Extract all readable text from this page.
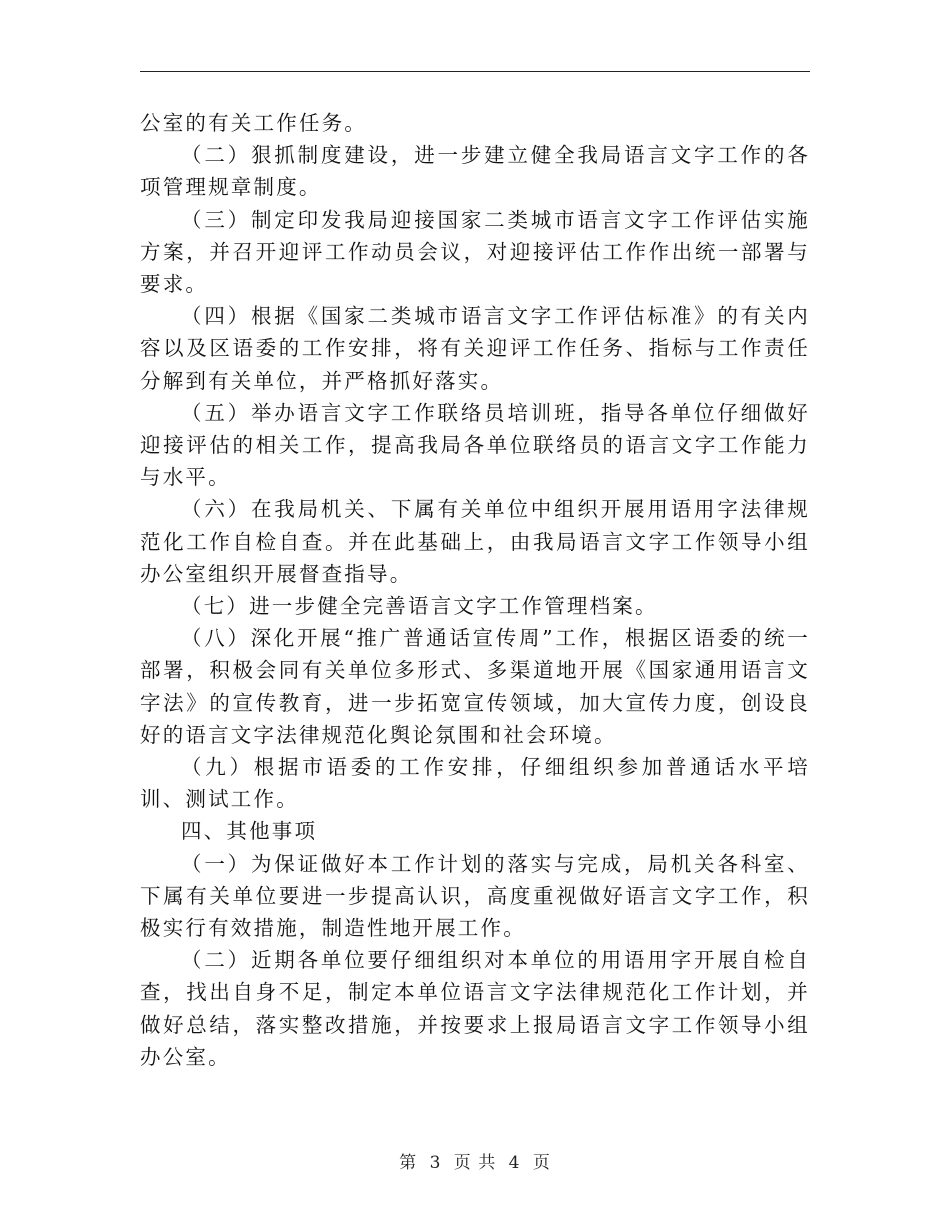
公室的有关工作任务。

（二）狠抓制度建设，进一步建立健全我局语言文字工作的各项管理规章制度。

（三）制定印发我局迎接国家二类城市语言文字工作评估实施方案，并召开迎评工作动员会议，对迎接评估工作作出统一部署与要求。

（四）根据《国家二类城市语言文字工作评估标准》的有关内容以及区语委的工作安排，将有关迎评工作任务、指标与工作责任分解到有关单位，并严格抓好落实。

（五）举办语言文字工作联络员培训班，指导各单位仔细做好迎接评估的相关工作，提高我局各单位联络员的语言文字工作能力与水平。

（六）在我局机关、下属有关单位中组织开展用语用字法律规范化工作自检自查。并在此基础上，由我局语言文字工作领导小组办公室组织开展督查指导。

（七）进一步健全完善语言文字工作管理档案。

（八）深化开展“推广普通话宣传周”工作，根据区语委的统一部署，积极会同有关单位多形式、多渠道地开展《国家通用语言文字法》的宣传教育，进一步拓宽宣传领域，加大宣传力度，创设良好的语言文字法律规范化舆论氛围和社会环境。

（九）根据市语委的工作安排，仔细组织参加普通话水平培训、测试工作。

四、其他事项

（一）为保证做好本工作计划的落实与完成，局机关各科室、下属有关单位要进一步提高认识，高度重视做好语言文字工作，积极实行有效措施，制造性地开展工作。

（二）近期各单位要仔细组织对本单位的用语用字开展自检自查，找出自身不足，制定本单位语言文字法律规范化工作计划，并做好总结，落实整改措施，并按要求上报局语言文字工作领导小组办公室。

第 3 页 共 4 页
